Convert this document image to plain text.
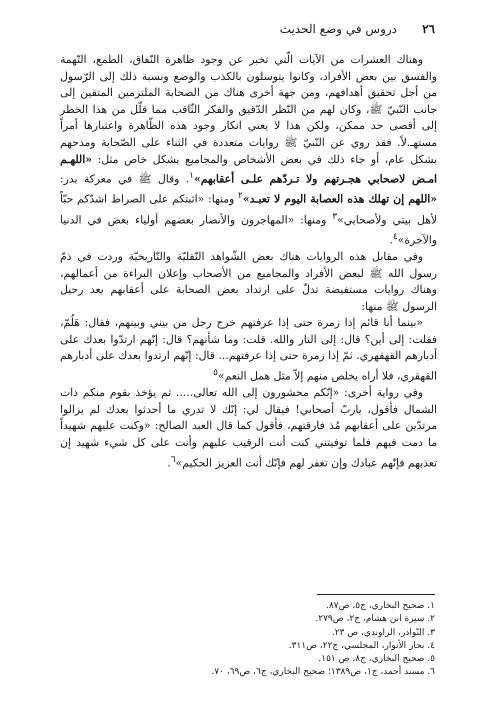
٢٦
دروس في وضع الحديث

وهناك العشرات من الآيات الّتي تخبر عن وجود ظاهرة النّفاق، الطمع، التّهمة والفسق بين بعض الأفراد، وكانوا يتوسلون بالكذب والوضع ونسبة ذلك إلى الرّسول من أجل تحقيق أهدافهم، ومن جهة أخرى هناك من الصحابة الملتزمين المتقين إلى جانب النّبيّ ﷺ، وكان لهم من النّظر الدّقيق والفكر الثّاقب مما قلّل من هذا الخطر إلى أقصى حد ممكن، ولكن هذا لا يعني انكار وجود هذه الظّاهرة واعتبارها أمراً مستهـ.لاً. فقد روي عن النّبيّ ﷺ روايات متعددة في الثناء على الصّحابة ومدحهم بشكل عام، أو جاء ذلك في بعض الأشخاص والمجاميع بشكل خاص مثل: «اللهـم امـض لاصحابي هجـرتهم ولا تـردّهم علـى أعقابهم»$^١$. وقال ﷺ في معركة بدر: «اللهم إن تهلك هذه العصابة اليوم لا تعبـد»$^٢$ ومنها: «اثبتكم على الصراط اشدّكم حبّاً لأهل بيتي ولأصحابي»$^٣$ ومنها: «المهاجرون والأنصار بعضهم أولياء بعض في الدنيا والآخرة»$^٤$.

وفي مقابل هذه الروايات هناك بعض الشّواهد النّقليّة والتّاريخيّة وردت في ذمّ رسول الله ﷺ لبعض الأفراد والمجاميع من الأصحاب وإعلان البراءة من أعمالهم، وهناك روايات مستفيضة تدلّ على ارتداد بعض الصحابة على أعقابهم بعد رحيل الرسول ﷺ منها:

«بينما أنا قائم إذا زمرة حتى إذا عرفتهم خرج رجل من بيني وبينهم، فقال: هَلُمّ، فقلت: إلى أين؟ قال: إلى النار والله. قلت: وما شأنهم؟ قال: إنّهم ارتدّوا بعدك على أدبارهم القهقهري. ثمّ إذا زمرة حتى إذا عرفتهم... قال: إنّهم ارتدوا بعدك على أدبارهم القهقري، فلا أراه يخلص منهم إلاّ مثل همل النعم»$^٥$

وفي رواية أخرى: «إنّكم محشورون إلى الله تعالى..... ثم يؤخذ بقوم منكم ذات الشمال فأقول، ياربّ أصحابي! فيقال لي: إنّك لا تدري ما أحدثوا بعدك لم يزالوا مرتدّين على أعقابهم مُذ فارقتهم، فأقول كما قال العبد الصالح: «وكنت عليهم شهيداً ما دمت فيهم فلما توفيتني كنت أنت الرقيب عليهم وأنت على كل شيء شهيد إن تعذبهم فإنّهم عبادك وإن تغفر لهم فإنّك أنت العزيز الحكيم»$^٦$.

١. صحيح البخاري، ج٥، ص٨٧.
٢. سيرة ابن هشام، ج٢، ص٢٧٩.
٣. النّوادر، الراوندي، ص ٢٣.
٤. بحار الأنوار، المجلسي، ج٢٢، ص٣١١.
٥. صحيح البخاري، ج٨، ص ١٥١.
٦. مسند أحمد، ج١، ص١٣٨٩؛ صحيح البخاري، ج٦، ص٦٩، ٧٠.
